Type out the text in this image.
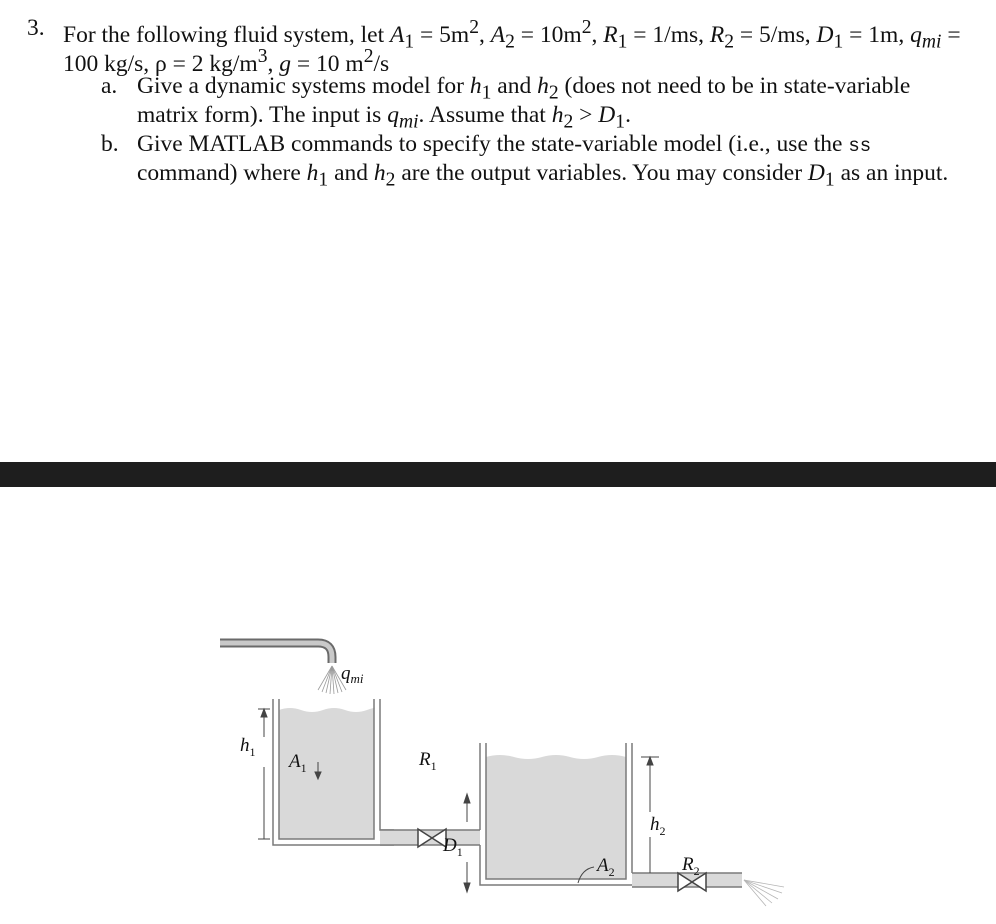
3. For the following fluid system, let $A_1 = 5m^2$, $A_2 = 10m^2$, $R_1 = 1/ms$, $R_2 = 5/ms$, $D_1 = 1m$, $q_{mi}$ =
100 kg/s, ρ = 2 $kg/m^3$, g = 10 $m^2/s$
a. Give a dynamic systems model for $h_1$ and $h_2$ (does not need to be in state-variable
matrix form). The input is $q_{mi}$. Assume that $h_2 > D_1$.
b. Give MATLAB commands to specify the state-variable model (i.e., use the ss
command) where $h_1$ and $h_2$ are the output variables. You may consider $D_1$ as an input.
$h_1$ $A_1$
$q_{mi}$
$R_1$
$D_1$
$A_2$
$h_2$
$R_2$
